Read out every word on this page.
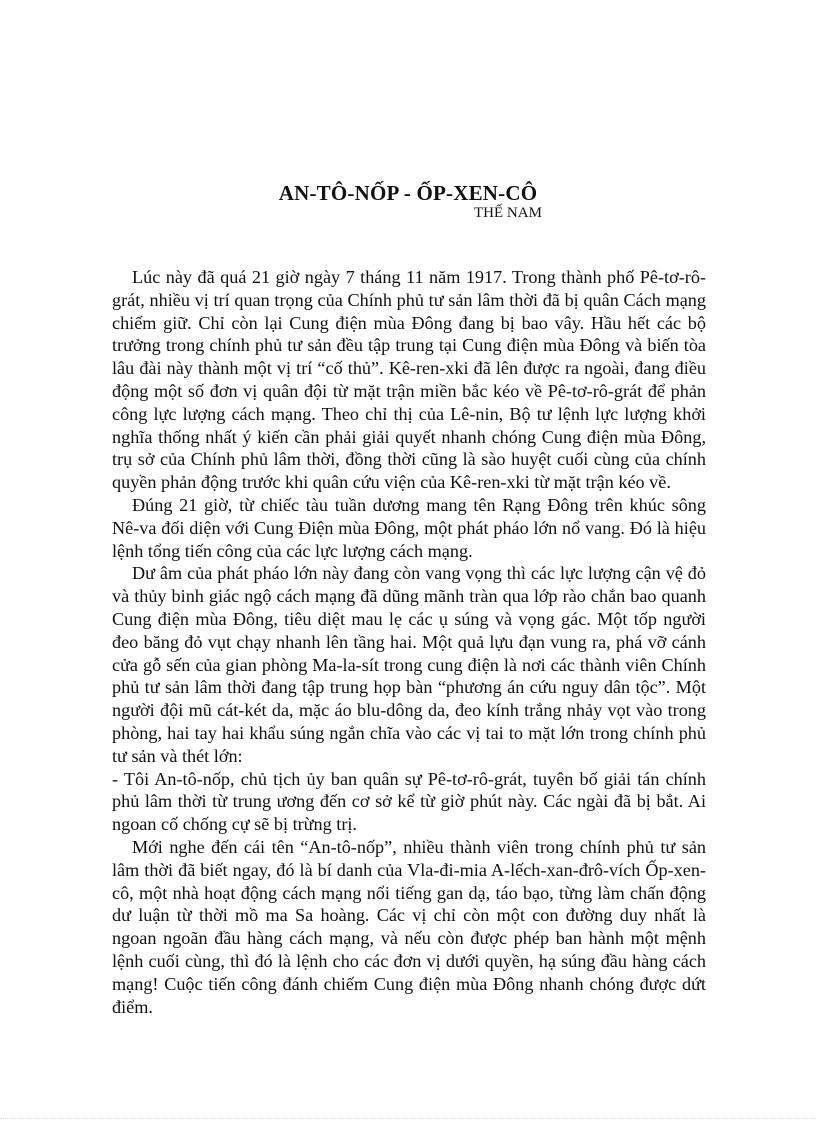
AN-TÔ-NỐP - ỐP-XEN-CÔ
THẾ NAM

Lúc này đã quá 21 giờ ngày 7 tháng 11 năm 1917. Trong thành phố Pê-tơ-rô-grát, nhiều vị trí quan trọng của Chính phủ tư sản lâm thời đã bị quân Cách mạng chiếm giữ. Chỉ còn lại Cung điện mùa Đông đang bị bao vây. Hầu hết các bộ trưởng trong chính phủ tư sản đều tập trung tại Cung điện mùa Đông và biến tòa lâu đài này thành một vị trí “cố thủ”. Kê-ren-xki đã lên được ra ngoài, đang điều động một số đơn vị quân đội từ mặt trận miền bắc kéo về Pê-tơ-rô-grát để phản công lực lượng cách mạng. Theo chỉ thị của Lê-nin, Bộ tư lệnh lực lượng khởi nghĩa thống nhất ý kiến cần phải giải quyết nhanh chóng Cung điện mùa Đông, trụ sở của Chính phủ lâm thời, đồng thời cũng là sào huyệt cuối cùng của chính quyền phản động trước khi quân cứu viện của Kê-ren-xki từ mặt trận kéo về.

Đúng 21 giờ, từ chiếc tàu tuần dương mang tên Rạng Đông trên khúc sông Nê-va đối diện với Cung Điện mùa Đông, một phát pháo lớn nổ vang. Đó là hiệu lệnh tổng tiến công của các lực lượng cách mạng.

Dư âm của phát pháo lớn này đang còn vang vọng thì các lực lượng cận vệ đỏ và thủy binh giác ngộ cách mạng đã dũng mãnh tràn qua lớp rào chắn bao quanh Cung điện mùa Đông, tiêu diệt mau lẹ các ụ súng và vọng gác. Một tốp người đeo băng đỏ vụt chạy nhanh lên tầng hai. Một quả lựu đạn vung ra, phá vỡ cánh cửa gỗ sến của gian phòng Ma-la-sít trong cung điện là nơi các thành viên Chính phủ tư sản lâm thời đang tập trung họp bàn “phương án cứu nguy dân tộc”. Một người đội mũ cát-két da, mặc áo blu-dông da, đeo kính trắng nhảy vọt vào trong phòng, hai tay hai khẩu súng ngắn chĩa vào các vị tai to mặt lớn trong chính phủ tư sản và thét lớn:

- Tôi An-tô-nốp, chủ tịch ủy ban quân sự Pê-tơ-rô-grát, tuyên bố giải tán chính phủ lâm thời từ trung ương đến cơ sở kể từ giờ phút này. Các ngài đã bị bắt. Ai ngoan cố chống cự sẽ bị trừng trị.

Mới nghe đến cái tên “An-tô-nốp”, nhiều thành viên trong chính phủ tư sản lâm thời đã biết ngay, đó là bí danh của Vla-đi-mia A-lếch-xan-đrô-vích Ốp-xen-cô, một nhà hoạt động cách mạng nổi tiếng gan dạ, táo bạo, từng làm chấn động dư luận từ thời mồ ma Sa hoàng. Các vị chỉ còn một con đường duy nhất là ngoan ngoãn đầu hàng cách mạng, và nếu còn được phép ban hành một mệnh lệnh cuối cùng, thì đó là lệnh cho các đơn vị dưới quyền, hạ súng đầu hàng cách mạng! Cuộc tiến công đánh chiếm Cung điện mùa Đông nhanh chóng được dứt điểm.
